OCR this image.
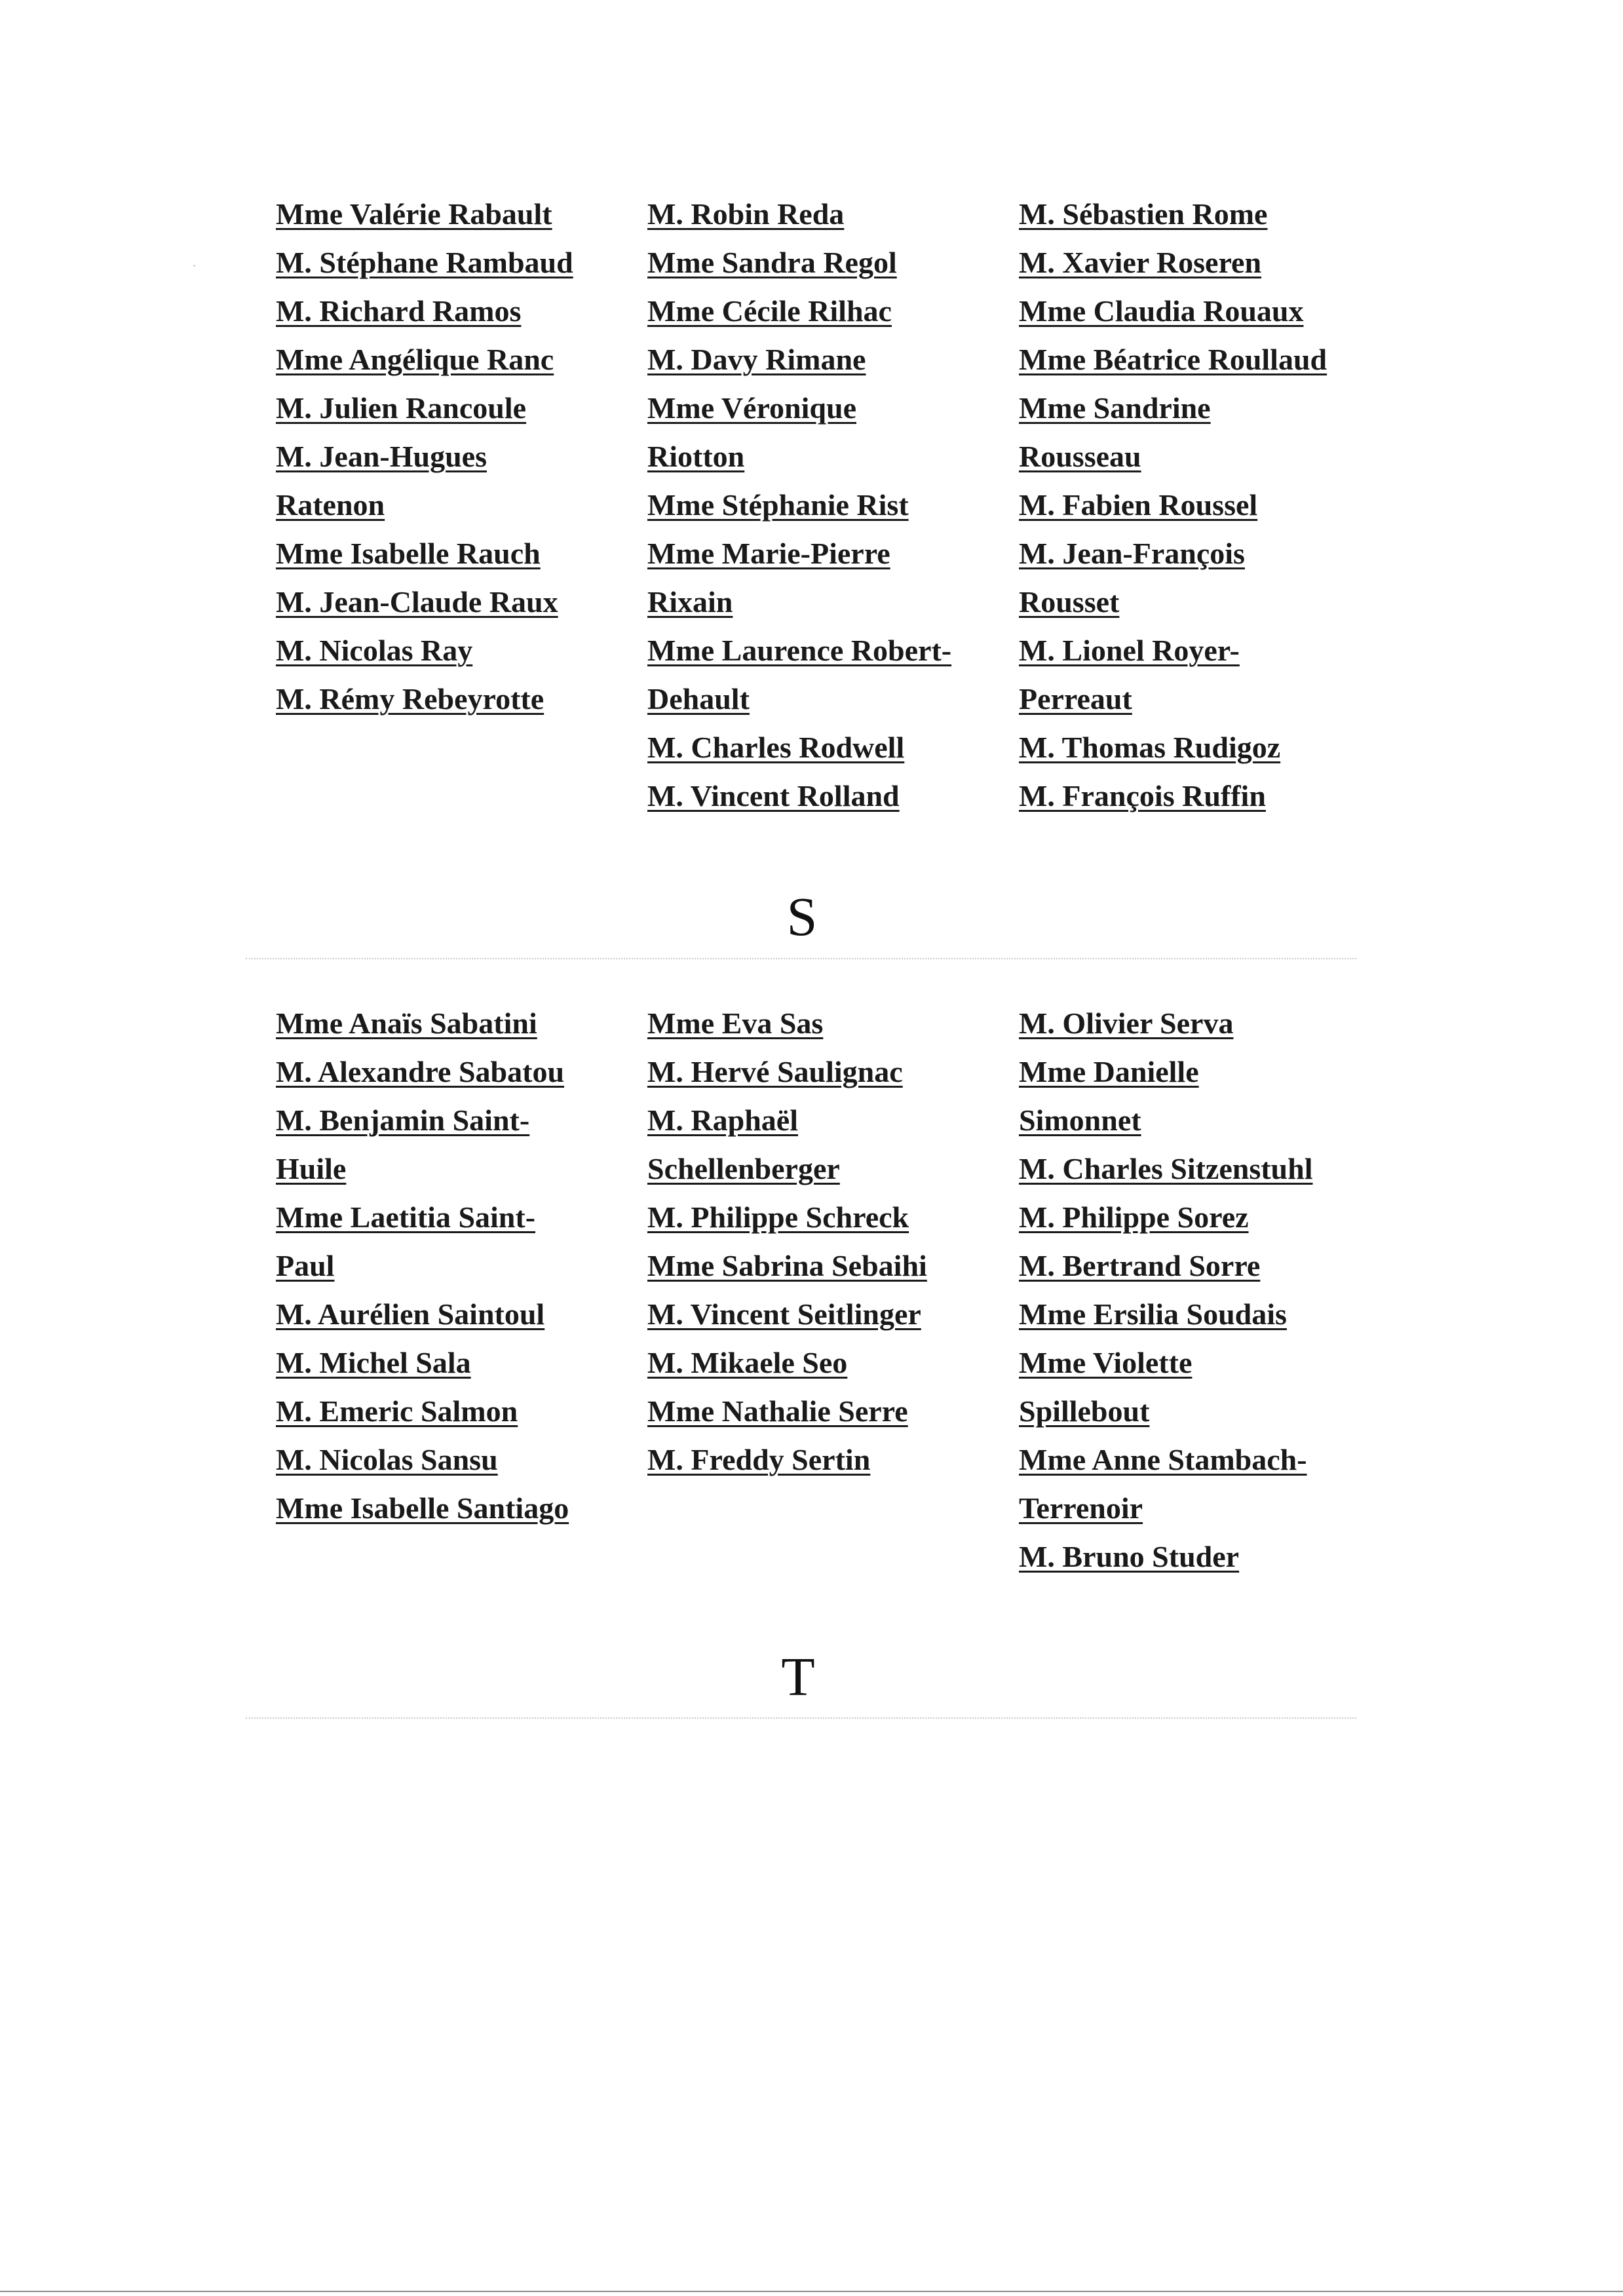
Mme Valérie Rabault
M. Stéphane Rambaud
M. Richard Ramos
Mme Angélique Ranc
M. Julien Rancoule
M. Jean-Hugues
Ratenon
Mme Isabelle Rauch
M. Jean-Claude Raux
M. Nicolas Ray
M. Rémy Rebeyrotte
M. Robin Reda
Mme Sandra Regol
Mme Cécile Rilhac
M. Davy Rimane
Mme Véronique
Riotton
Mme Stéphanie Rist
Mme Marie-Pierre
Rixain
Mme Laurence Robert-
Dehault
M. Charles Rodwell
M. Vincent Rolland
M. Sébastien Rome
M. Xavier Roseren
Mme Claudia Rouaux
Mme Béatrice Roullaud
Mme Sandrine
Rousseau
M. Fabien Roussel
M. Jean-François
Rousset
M. Lionel Royer-
Perreaut
M. Thomas Rudigoz
M. François Ruffin
S
Mme Anaïs Sabatini
M. Alexandre Sabatou
M. Benjamin Saint-
Huile
Mme Laetitia Saint-
Paul
M. Aurélien Saintoul
M. Michel Sala
M. Emeric Salmon
M. Nicolas Sansu
Mme Isabelle Santiago
Mme Eva Sas
M. Hervé Saulignac
M. Raphaël
Schellenberger
M. Philippe Schreck
Mme Sabrina Sebaihi
M. Vincent Seitlinger
M. Mikaele Seo
Mme Nathalie Serre
M. Freddy Sertin
M. Olivier Serva
Mme Danielle
Simonnet
M. Charles Sitzenstuhl
M. Philippe Sorez
M. Bertrand Sorre
Mme Ersilia Soudais
Mme Violette
Spillebout
Mme Anne Stambach-
Terrenoir
M. Bruno Studer
T
